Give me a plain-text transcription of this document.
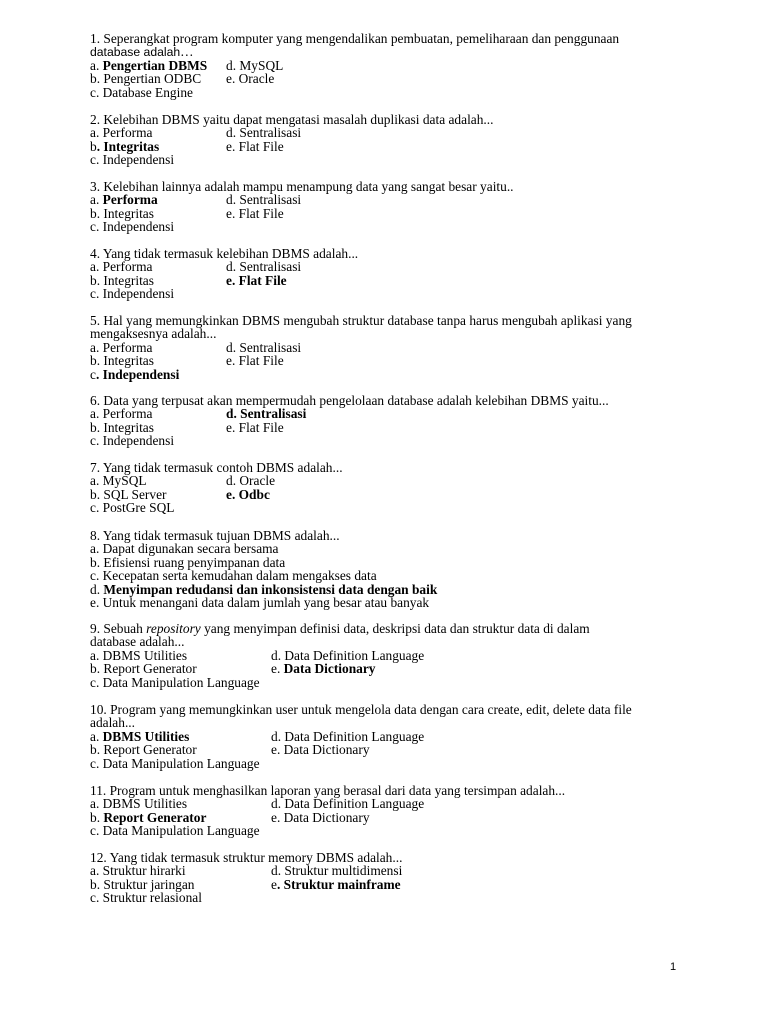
1. Seperangkat program komputer yang mengendalikan pembuatan, pemeliharaan dan penggunaan
database adalah…
a. Pengertian DBMS d. MySQL
b. Pengertian ODBC e. Oracle
c. Database Engine
2. Kelebihan DBMS yaitu dapat mengatasi masalah duplikasi data adalah...
a. Performa	d. Sentralisasi
b. Integritas	e. Flat File
c. Independensi
3. Kelebihan lainnya adalah mampu menampung data yang sangat besar yaitu..
a. Performa	d. Sentralisasi
b. Integritas	e. Flat File
c. Independensi
4. Yang tidak termasuk kelebihan DBMS adalah...
a. Performa	d. Sentralisasi
b. Integritas	e. Flat File
c. Independensi
5. Hal yang memungkinkan DBMS mengubah struktur database tanpa harus mengubah aplikasi yang
mengaksesnya adalah...
a. Performa	d. Sentralisasi
b. Integritas	e. Flat File
c. Independensi
6. Data yang terpusat akan mempermudah pengelolaan database adalah kelebihan DBMS yaitu...
a. Performa	d. Sentralisasi
b. Integritas	e. Flat File
c. Independensi
7. Yang tidak termasuk contoh DBMS adalah...
a. MySQL	d. Oracle
b. SQL Server	e. Odbc
c. PostGre SQL
8. Yang tidak termasuk tujuan DBMS adalah...
a. Dapat digunakan secara bersama
b. Efisiensi ruang penyimpanan data
c. Kecepatan serta kemudahan dalam mengakses data
d. Menyimpan redudansi dan inkonsistensi data dengan baik
e. Untuk menangani data dalam jumlah yang besar atau banyak
9. Sebuah repository yang menyimpan definisi data, deskripsi data dan struktur data di dalam
database adalah...
a. DBMS Utilities	d. Data Definition Language
b. Report Generator	e. Data Dictionary
c. Data Manipulation Language
10. Program yang memungkinkan user untuk mengelola data dengan cara create, edit, delete data file
adalah...
a. DBMS Utilities	d. Data Definition Language
b. Report Generator	e. Data Dictionary
c. Data Manipulation Language
11. Program untuk menghasilkan laporan yang berasal dari data yang tersimpan adalah...
a. DBMS Utilities	d. Data Definition Language
b. Report Generator	e. Data Dictionary
c. Data Manipulation Language
12. Yang tidak termasuk struktur memory DBMS adalah...
a. Struktur hirarki	d. Struktur multidimensi
b. Struktur jaringan	e. Struktur mainframe
c. Struktur relasional
1
